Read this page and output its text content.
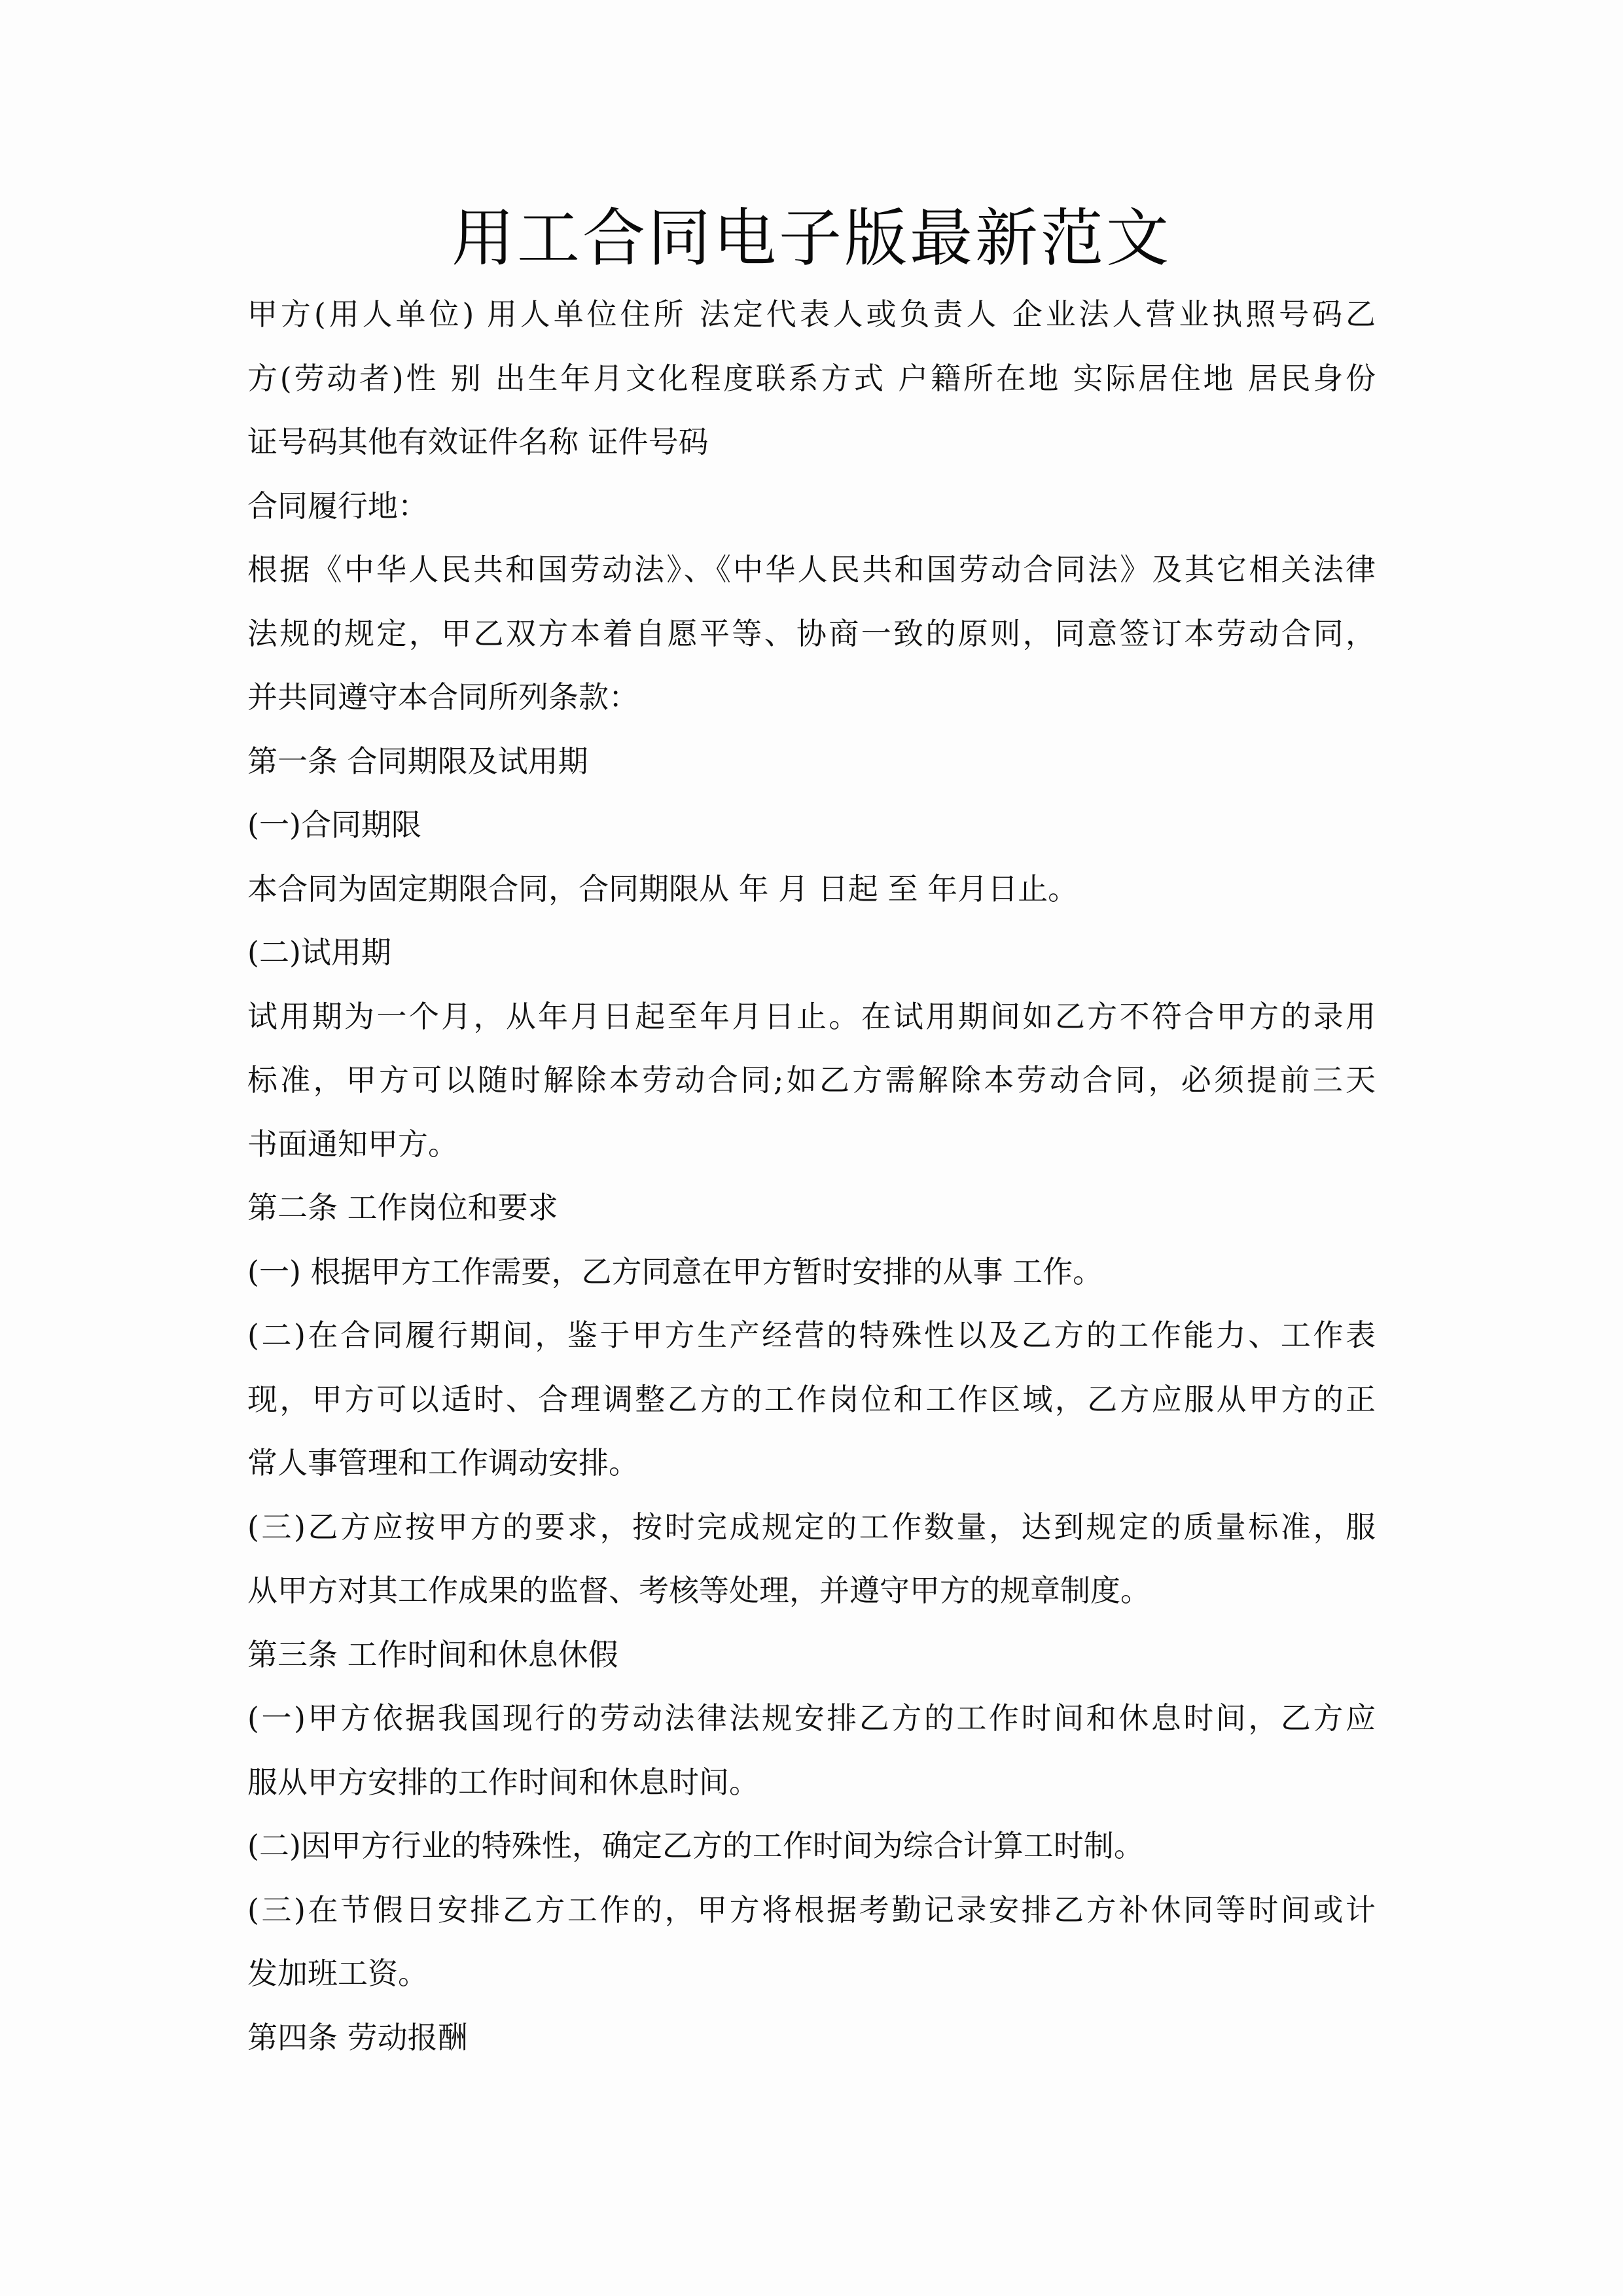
用工合同电子版最新范文
甲方(用人单位) 用人单位住所 法定代表人或负责人 企业法人营业执照号码乙
方(劳动者)性 别 出生年月文化程度联系方式 户籍所在地 实际居住地 居民身份
证号码其他有效证件名称 证件号码
合同履行地：
根据《中华人民共和国劳动法》、《中华人民共和国劳动合同法》及其它相关法律
法规的规定，甲乙双方本着自愿平等、协商一致的原则，同意签订本劳动合同，
并共同遵守本合同所列条款：
第一条 合同期限及试用期
(一)合同期限
本合同为固定期限合同，合同期限从 年 月 日起 至 年月日止。
(二)试用期
试用期为一个月，从年月日起至年月日止。在试用期间如乙方不符合甲方的录用
标准，甲方可以随时解除本劳动合同;如乙方需解除本劳动合同，必须提前三天
书面通知甲方。
第二条 工作岗位和要求
(一) 根据甲方工作需要，乙方同意在甲方暂时安排的从事 工作。
(二)在合同履行期间，鉴于甲方生产经营的特殊性以及乙方的工作能力、工作表
现，甲方可以适时、合理调整乙方的工作岗位和工作区域，乙方应服从甲方的正
常人事管理和工作调动安排。
(三)乙方应按甲方的要求，按时完成规定的工作数量，达到规定的质量标准，服
从甲方对其工作成果的监督、考核等处理，并遵守甲方的规章制度。
第三条 工作时间和休息休假
(一)甲方依据我国现行的劳动法律法规安排乙方的工作时间和休息时间，乙方应
服从甲方安排的工作时间和休息时间。
(二)因甲方行业的特殊性，确定乙方的工作时间为综合计算工时制。
(三)在节假日安排乙方工作的，甲方将根据考勤记录安排乙方补休同等时间或计
发加班工资。
第四条 劳动报酬
